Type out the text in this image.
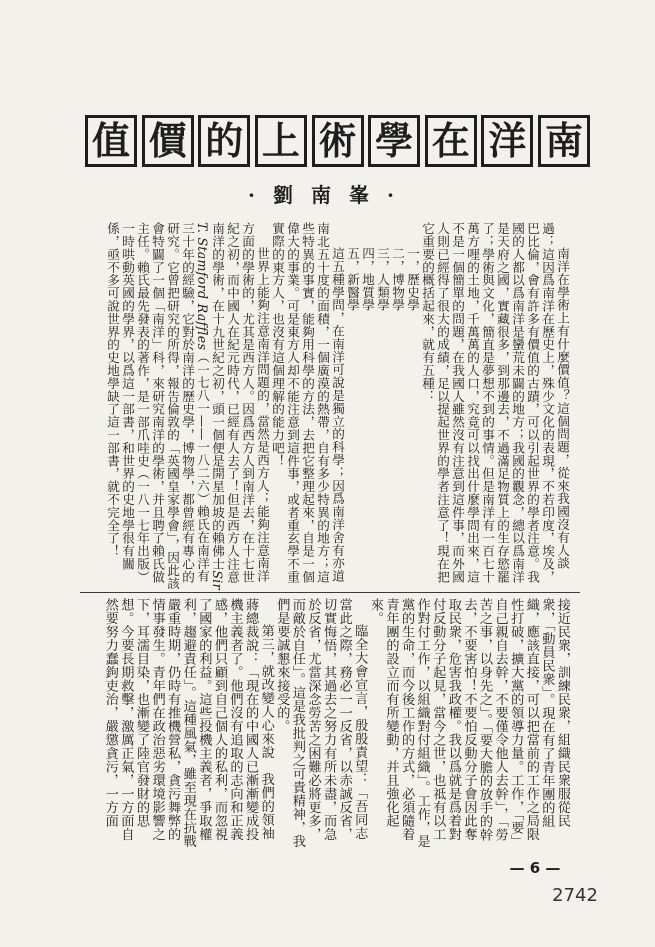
南
洋
在
學
術
上
的
價
值
·劉南峯·

南洋在學術上有什麼價值？這個問題，從來我國沒有人談過；這因爲南洋在歷史上，殊少文化的表現，不若印度，埃及，巴比倫，會有許多有價值的古蹟，可以引起世界的學者注意。我國的人都以爲南洋是蠻荒未闢的地方；我國的觀念，總以爲南洋是天府之國，實藏很多，到那邊去，不過滿足物質上的生存慾罷了；學術與文化，簡直是夢想不到的事情。但是南洋有一百七十萬方哩的土地，千萬萬的人口，究竟可以找出什麼學問出來，這不是一個簡單的問題，在我國人雖然沒有注意到這件事，而外國人則已經得了很大的成績，足以提起世界的學者注意了！現在把它重要的概括起來，就有五種：

一，歷史學

二，博物學

三，人類學

四，地質學

五，新醫學

這五種學問，在南洋可說是獨立的科學；因爲南洋舍有亦道南北五十度的面積，一個廣漠的熱帶，自有多少特異的地方；這些特異的事實，能夠用科學的方法，去把它整理起來，自是一個偉大的事業。可是東方人却不能注意到這件事，或者重玄學不重實際的東方人，也沒有這個理解的能力吧！

世界上能夠注意南洋問題的，當然是西方人；能夠注意南洋方面的學術的，尤其是西方人。因爲西方人到南洋去，在十七世紀之初，而中國人在紀元時代，已經有人去了！但是西方人注意南洋的學術，在十九世紀之初，頭一個便是開星加坡的賴佛士Sir T. Stamford Raffles（一七八一——一八二六）賴氏在南洋有三十年的經驗，它對於南洋的歷史學，博物學，都曾經有專心的研究。它曾把研究的所得，報告倫敦的「英國皇家學會」，因此該會特闢了一個「南洋」科，來研究南洋的學術，并且聘了賴氏做主任。賴氏最先發表的著作，是一部爪哇史（一八一七年出版）一時哄動英國的學界，以爲這一部書，和世界的史地學很有關係，亟不多可說世界的史地學缺了這一部書，就不完全了！

接近民衆，訓練民衆，組織民衆服從民衆，「動員民衆」。現在有了青年團的組織，應該直接，可以把當前的工作之局限性打破，擴大黨的領導力量。工作，「要」自己親自去幹，不要僅令他人去幹」，「勞苦之事，以身先之」。「要大膽的放手的幹去，不要害怕！不要怕反動分子會因此奪取民衆，危害我政權。我以爲就是爲着對付反動分子起見，當今之世，也祗有以工作對付工作，以組織對付組織」。工作，是黨的生命，而今後工作的方式，必須隨着青年團的設立而有所變動，并且強化起來。

臨全大會宣言，殷殷責望：「吾同志當此之際，務必一一反省，以赤誠反省，切實悔悟，其過去之努力有所未盡，而急於反省，尤當深念勞苦之困難必將更多，而敵於自任」。這是我批判之可貴精神，我們是要誠懇來接受的。

第三，就改變人心來說　我們的領袖蔣總裁說：「現在的中國人已漸漸變成投機主義者了。他們沒有追取的志向和正義感，他們只顧到自己個人的私利，而忽視了國家的利益。這些投機主義者，爭取權利，趨避責任」。這種風氣，雖至現在抗戰嚴重時期，仍時有推機營私，貪污舞弊的情事發生。青年們在政治惡劣環境影響之下，耳濡目染，也漸變了陸官發財的思想。今要長期救擊，激厲正氣，一方面自然要努力蠢鉤吏治，嚴懲貪污，一方面

— 6 —
2742
